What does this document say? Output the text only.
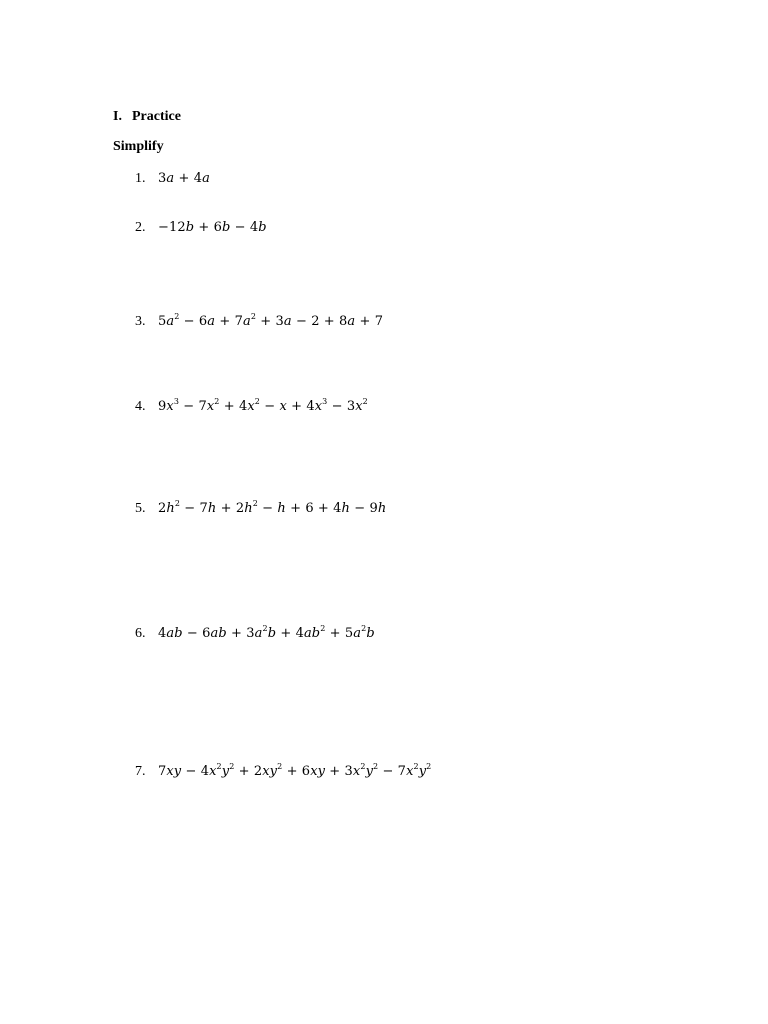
I. Practice
Simplify
1. 3a + 4a
2. −12b + 6b − 4b
3. $5a^2 - 6a + 7a^2 + 3a - 2 + 8a + 7$
4. $9x^3 - 7x^2 + 4x^2 - x + 4x^3 - 3x^2$
5. $2h^2 - 7h + 2h^2 - h + 6 + 4h - 9h$
6. $4ab - 6ab + 3a^2b + 4ab^2 + 5a^2b$
7. $7xy - 4x^2y^2 + 2xy^2 + 6xy + 3x^2y^2 - 7x^2y^2$
